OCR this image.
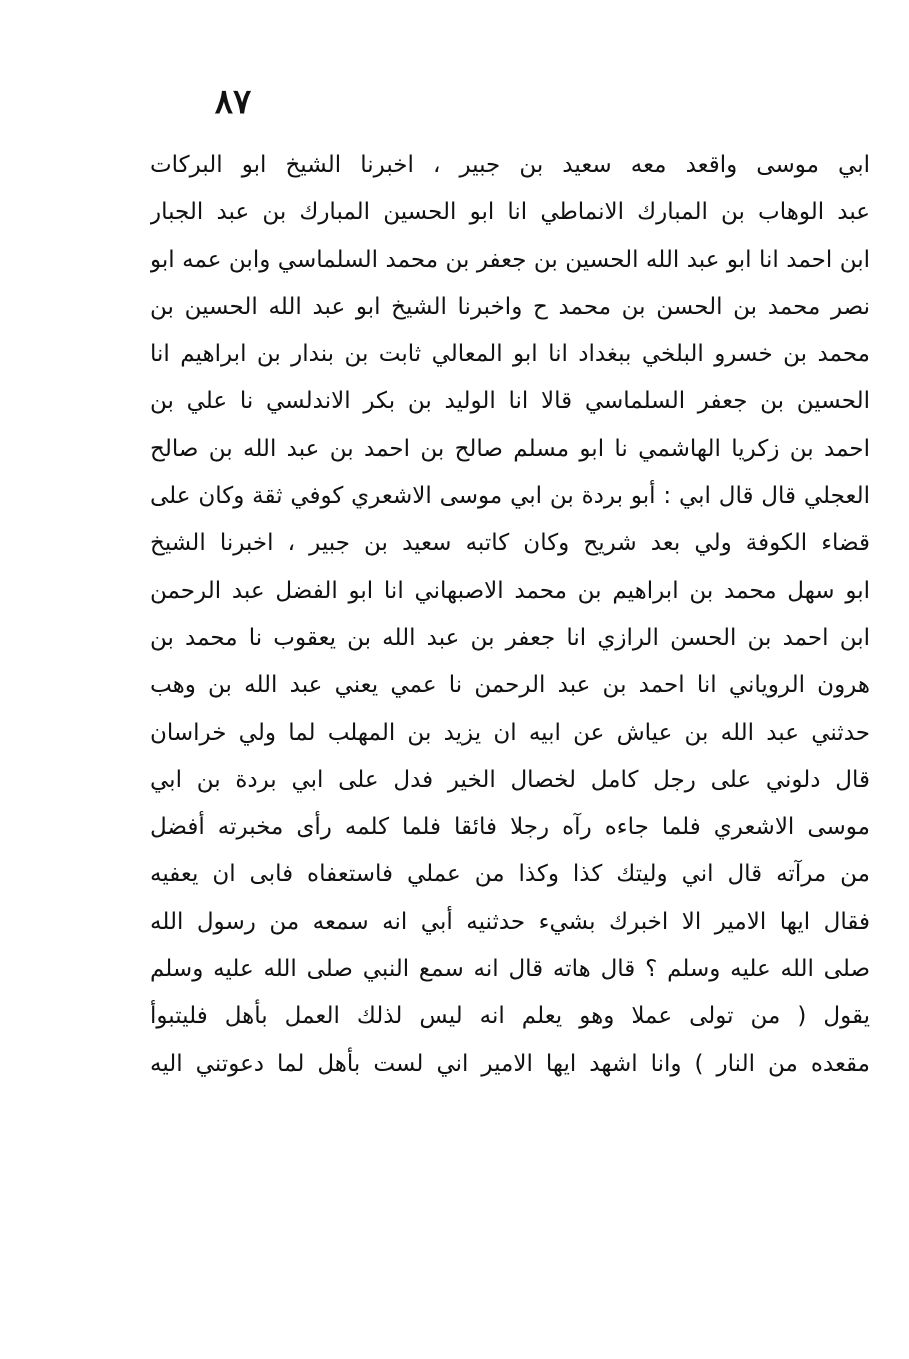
٨٧
ابي موسى واقعد معه سعيد بن جبير ، اخبرنا الشيخ ابو البركات
عبد الوهاب بن المبارك الانماطي انا ابو الحسين المبارك بن عبد الجبار
ابن احمد انا ابو عبد الله الحسين بن جعفر بن محمد السلماسي وابن عمه ابو
نصر محمد بن الحسن بن محمد ح واخبرنا الشيخ ابو عبد الله الحسين بن
محمد بن خسرو البلخي ببغداد انا ابو المعالي ثابت بن بندار بن ابراهيم انا
الحسين بن جعفر السلماسي قالا انا الوليد بن بكر الاندلسي نا علي بن
احمد بن زكريا الهاشمي نا ابو مسلم صالح بن احمد بن عبد الله بن صالح
العجلي قال قال ابي : أبو بردة بن ابي موسى الاشعري كوفي ثقة وكان على
قضاء الكوفة ولي بعد شريح وكان كاتبه سعيد بن جبير ، اخبرنا الشيخ
ابو سهل محمد بن ابراهيم بن محمد الاصبهاني انا ابو الفضل عبد الرحمن
ابن احمد بن الحسن الرازي انا جعفر بن عبد الله بن يعقوب نا محمد بن
هرون الروياني انا احمد بن عبد الرحمن نا عمي يعني عبد الله بن وهب
حدثني عبد الله بن عياش عن ابيه ان يزيد بن المهلب لما ولي خراسان
قال دلوني على رجل كامل لخصال الخير فدل على ابي بردة بن ابي
موسى الاشعري فلما جاءه رآه رجلا فائقا فلما كلمه رأى مخبرته أفضل
من مرآته قال اني وليتك كذا وكذا من عملي فاستعفاه فابى ان يعفيه
فقال ايها الامير الا اخبرك بشيء حدثنيه أبي انه سمعه من رسول الله
صلى الله عليه وسلم ؟ قال هاته قال انه سمع النبي صلى الله عليه وسلم
يقول ( من تولى عملا وهو يعلم انه ليس لذلك العمل بأهل فليتبوأ
مقعده من النار ) وانا اشهد ايها الامير اني لست بأهل لما دعوتني اليه
